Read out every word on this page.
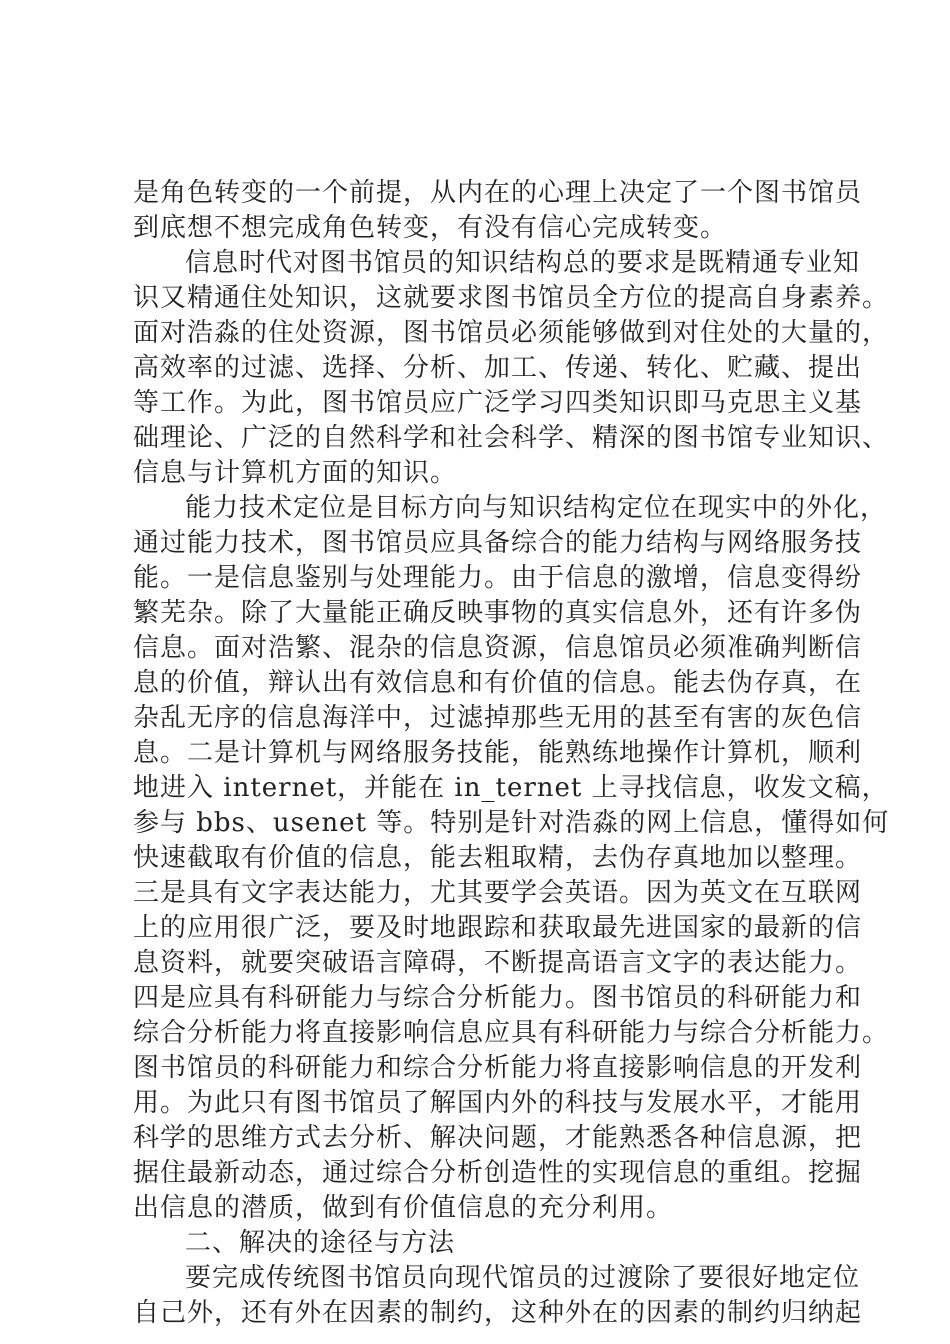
是角色转变的一个前提，从内在的心理上决定了一个图书馆员
到底想不想完成角色转变，有没有信心完成转变。
信息时代对图书馆员的知识结构总的要求是既精通专业知
识又精通住处知识，这就要求图书馆员全方位的提高自身素养。
面对浩淼的住处资源，图书馆员必须能够做到对住处的大量的，
高效率的过滤、选择、分析、加工、传递、转化、贮藏、提出
等工作。为此，图书馆员应广泛学习四类知识即马克思主义基
础理论、广泛的自然科学和社会科学、精深的图书馆专业知识、
信息与计算机方面的知识。
能力技术定位是目标方向与知识结构定位在现实中的外化，
通过能力技术，图书馆员应具备综合的能力结构与网络服务技
能。一是信息鉴别与处理能力。由于信息的激增，信息变得纷
繁芜杂。除了大量能正确反映事物的真实信息外，还有许多伪
信息。面对浩繁、混杂的信息资源，信息馆员必须准确判断信
息的价值，辩认出有效信息和有价值的信息。能去伪存真，在
杂乱无序的信息海洋中，过滤掉那些无用的甚至有害的灰色信
息。二是计算机与网络服务技能，能熟练地操作计算机，顺利
地进入 internet，并能在 in_ternet 上寻找信息，收发文稿，
参与 bbs、usenet 等。特别是针对浩淼的网上信息，懂得如何
快速截取有价值的信息，能去粗取精，去伪存真地加以整理。
三是具有文字表达能力，尤其要学会英语。因为英文在互联网
上的应用很广泛，要及时地跟踪和获取最先进国家的最新的信
息资料，就要突破语言障碍，不断提高语言文字的表达能力。
四是应具有科研能力与综合分析能力。图书馆员的科研能力和
综合分析能力将直接影响信息应具有科研能力与综合分析能力。
图书馆员的科研能力和综合分析能力将直接影响信息的开发利
用。为此只有图书馆员了解国内外的科技与发展水平，才能用
科学的思维方式去分析、解决问题，才能熟悉各种信息源，把
据住最新动态，通过综合分析创造性的实现信息的重组。挖掘
出信息的潜质，做到有价值信息的充分利用。
二、解决的途径与方法
要完成传统图书馆员向现代馆员的过渡除了要很好地定位
自己外，还有外在因素的制约，这种外在的因素的制约归纳起
